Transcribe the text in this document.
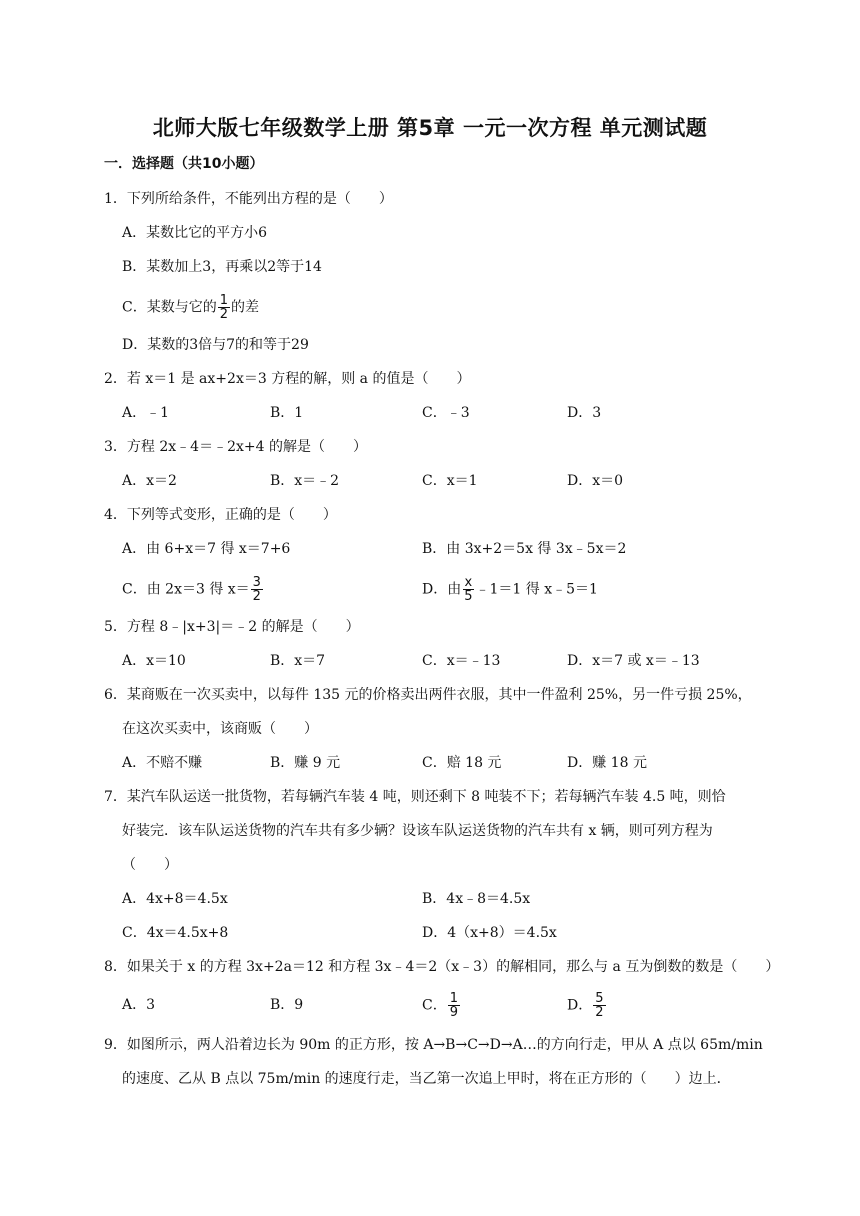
北师大版七年级数学上册 第5章 一元一次方程 单元测试题
一．选择题（共10小题）
1．下列所给条件，不能列出方程的是（　　）
A．某数比它的平方小6
B．某数加上3，再乘以2等于14
C．某数与它的 $\frac{1}{2}$ 的差
D．某数的3倍与7的和等于29
2．若 x＝1 是 ax+2x＝3 方程的解，则 a 的值是（　　）
A．﹣1	B．1	C．﹣3	D．3
3．方程 2x﹣4＝﹣2x+4 的解是（　　）
A．x＝2	B．x＝﹣2	C．x＝1	D．x＝0
4．下列等式变形，正确的是（　　）
A．由 6+x＝7 得 x＝7+6	B．由 3x+2＝5x 得 3x﹣5x＝2
C．由 2x＝3 得 $x= \frac{3}{2}$	D．由 $\frac{x}{5}$ ﹣1＝1 得 x﹣5＝1
5．方程 8﹣|x+3|＝﹣2 的解是（　　）
A．x＝10	B．x＝7	C．x＝﹣13	D．x＝7 或 x＝﹣13
6．某商贩在一次买卖中，以每件 135 元的价格卖出两件衣服，其中一件盈利 25%，另一件亏损 25%，
在这次买卖中，该商贩（　　）
A．不赔不赚	B．赚 9 元	C．赔 18 元	D．赚 18 元
7．某汽车队运送一批货物，若每辆汽车装 4 吨，则还剩下 8 吨装不下；若每辆汽车装 4.5 吨，则恰
好装完．该车队运送货物的汽车共有多少辆？设该车队运送货物的汽车共有 x 辆，则可列方程为
（　　）
A．4x+8＝4.5x	B．4x﹣8＝4.5x
C．4x＝4.5x+8	D．4（x+8）＝4.5x
8．如果关于 x 的方程 3x+2a＝12 和方程 3x﹣4＝2（x﹣3）的解相同，那么与 a 互为倒数的数是（　　）
A．3	B．9	C． $\frac{1}{9}$	D． $\frac{5}{2}$
9．如图所示，两人沿着边长为 90m 的正方形，按 A→B→C→D→A…的方向行走，甲从 A 点以 65m/min
的速度、乙从 B 点以 75m/min 的速度行走，当乙第一次追上甲时，将在正方形的（　　）边上．
